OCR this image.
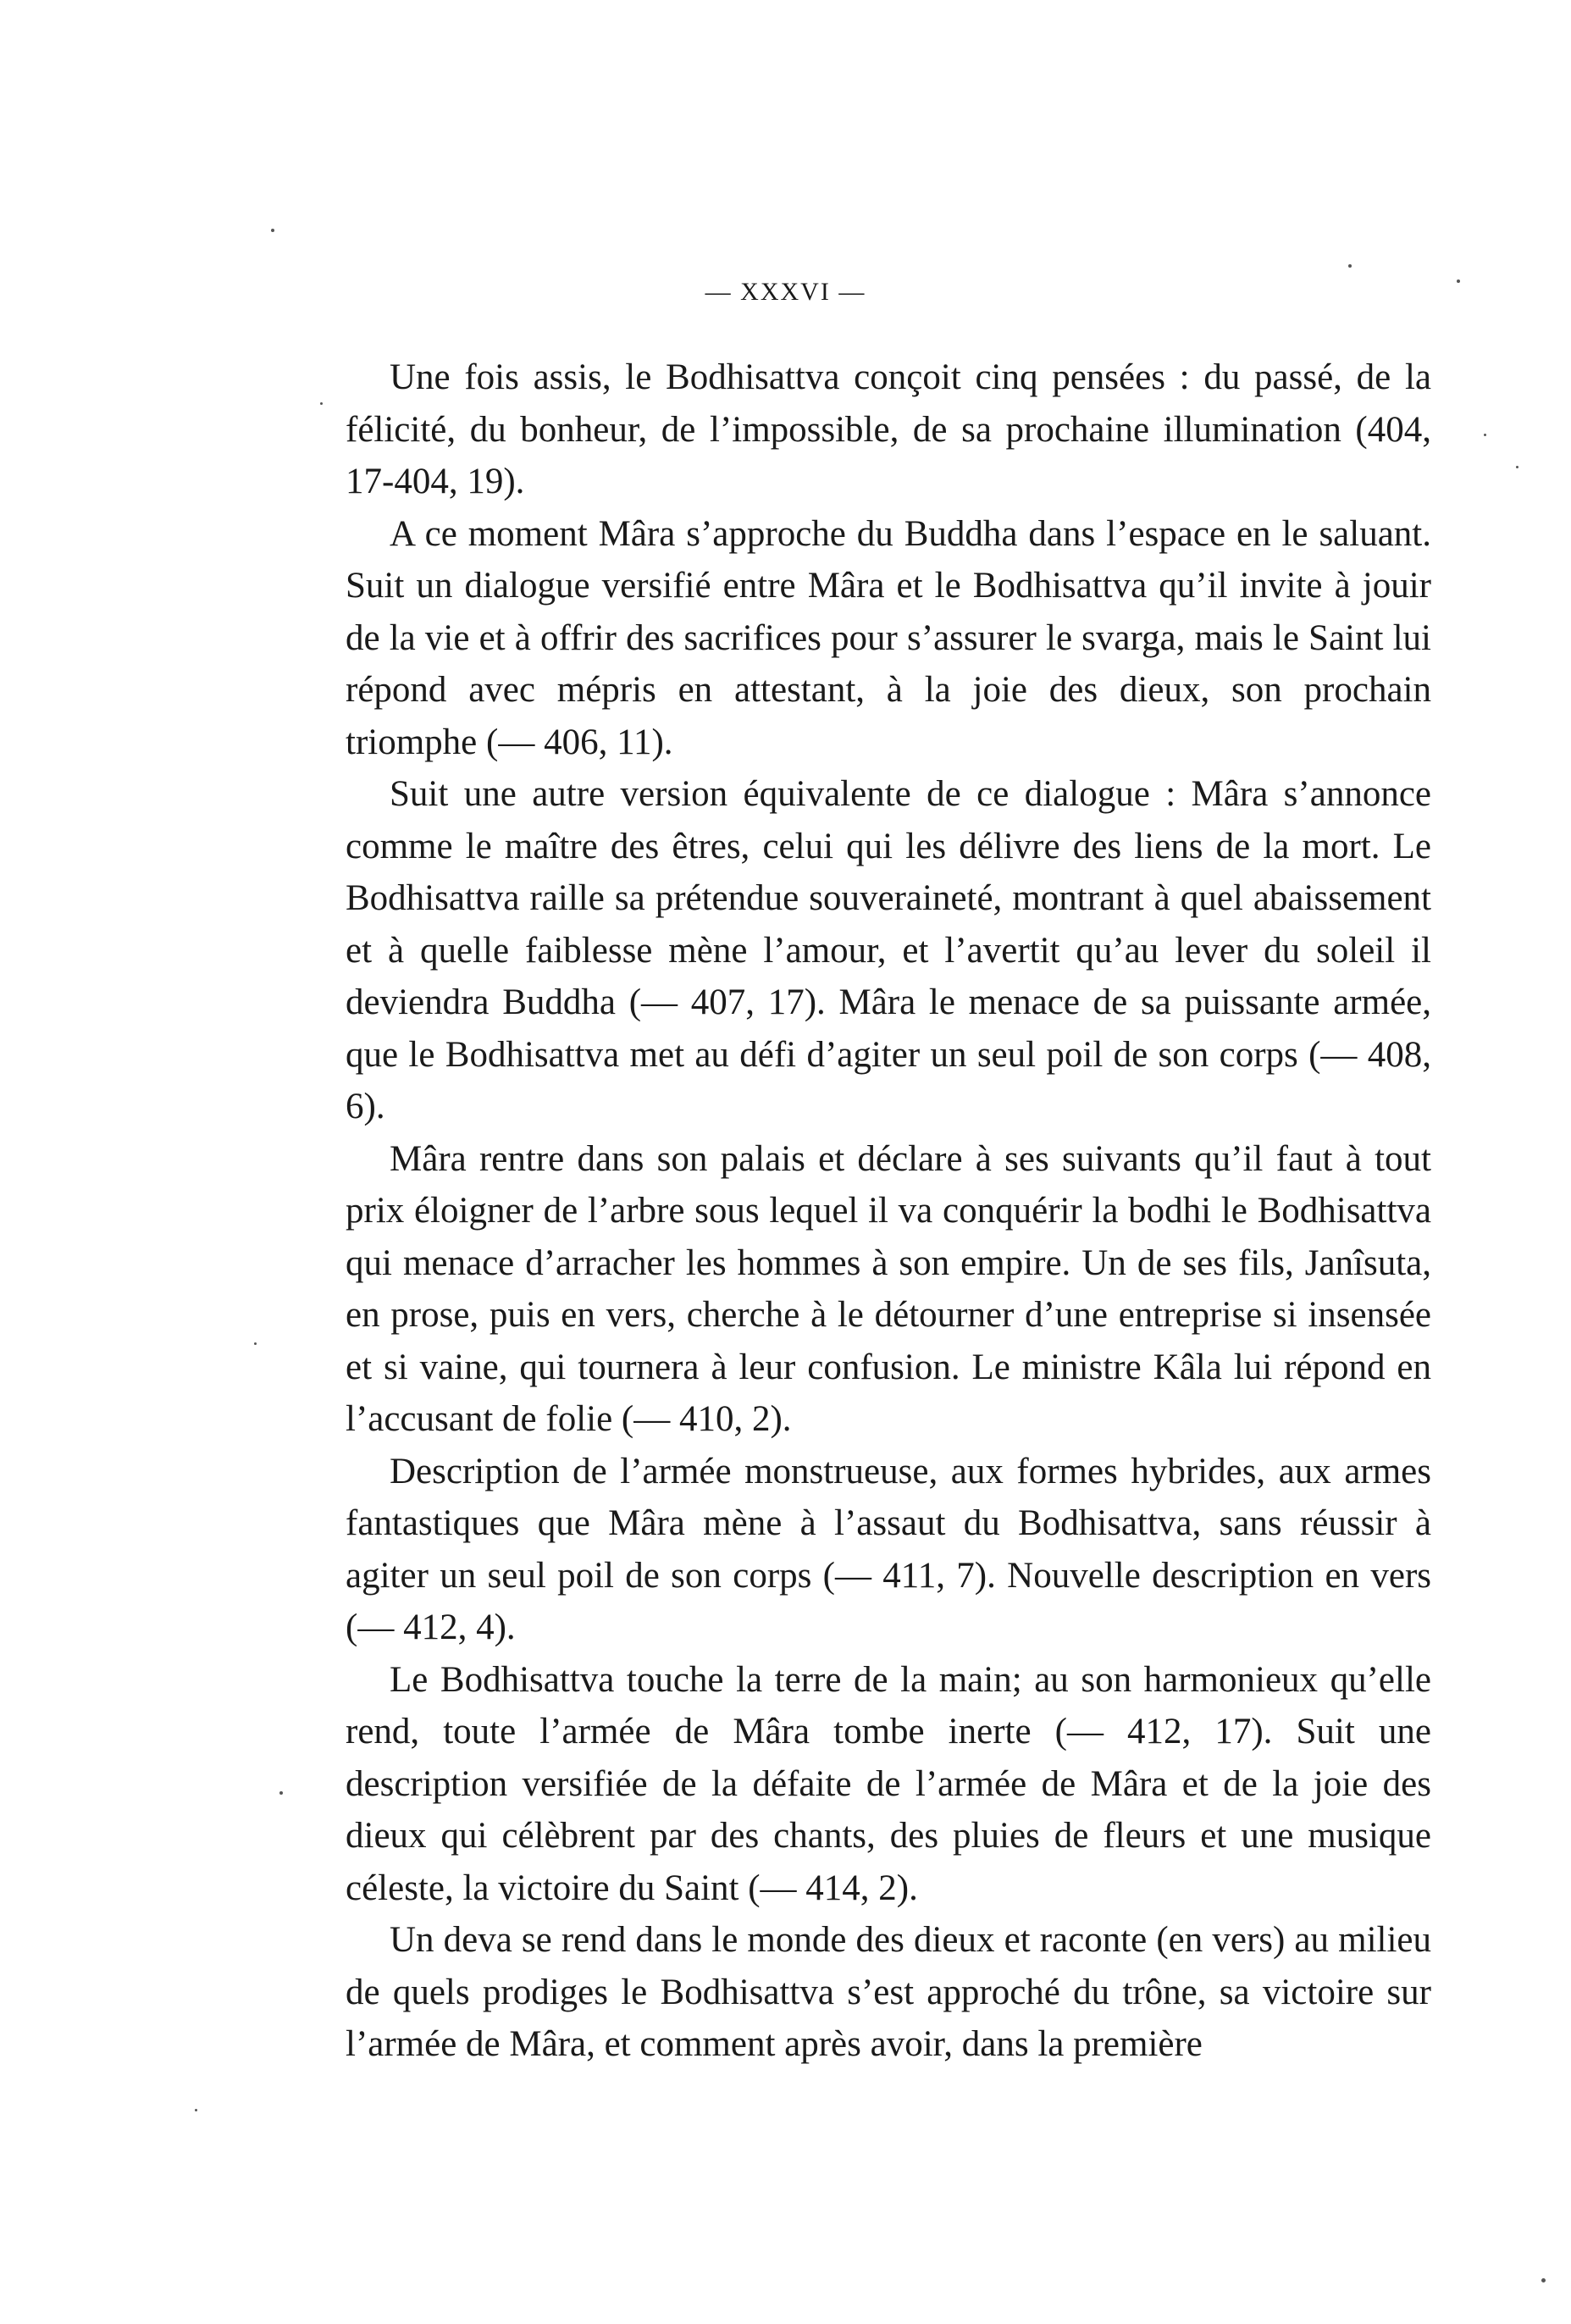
— XXXVI —

Une fois assis, le Bodhisattva conçoit cinq pensées : du passé, de la félicité, du bonheur, de l’impossible, de sa prochaine illumination (404, 17-404, 19).

A ce moment Mâra s’approche du Buddha dans l’espace en le saluant. Suit un dialogue versifié entre Mâra et le Bodhisattva qu’il invite à jouir de la vie et à offrir des sacrifices pour s’assurer le svarga, mais le Saint lui répond avec mépris en attestant, à la joie des dieux, son prochain triomphe (— 406, 11).

Suit une autre version équivalente de ce dialogue : Mâra s’annonce comme le maître des êtres, celui qui les délivre des liens de la mort. Le Bodhisattva raille sa prétendue souveraineté, montrant à quel abaissement et à quelle faiblesse mène l’amour, et l’avertit qu’au lever du soleil il deviendra Buddha (— 407, 17). Mâra le menace de sa puissante armée, que le Bodhisattva met au défi d’agiter un seul poil de son corps (— 408, 6).

Mâra rentre dans son palais et déclare à ses suivants qu’il faut à tout prix éloigner de l’arbre sous lequel il va conquérir la bodhi le Bodhisattva qui menace d’arracher les hommes à son empire. Un de ses fils, Janîsuta, en prose, puis en vers, cherche à le détourner d’une entreprise si insensée et si vaine, qui tournera à leur confusion. Le ministre Kâla lui répond en l’accusant de folie (— 410, 2).

Description de l’armée monstrueuse, aux formes hybrides, aux armes fantastiques que Mâra mène à l’assaut du Bodhisattva, sans réussir à agiter un seul poil de son corps (— 411, 7). Nouvelle description en vers (— 412, 4).

Le Bodhisattva touche la terre de la main; au son harmonieux qu’elle rend, toute l’armée de Mâra tombe inerte (— 412, 17). Suit une description versifiée de la défaite de l’armée de Mâra et de la joie des dieux qui célèbrent par des chants, des pluies de fleurs et une musique céleste, la victoire du Saint (— 414, 2).

Un deva se rend dans le monde des dieux et raconte (en vers) au milieu de quels prodiges le Bodhisattva s’est approché du trône, sa victoire sur l’armée de Mâra, et comment après avoir, dans la première
